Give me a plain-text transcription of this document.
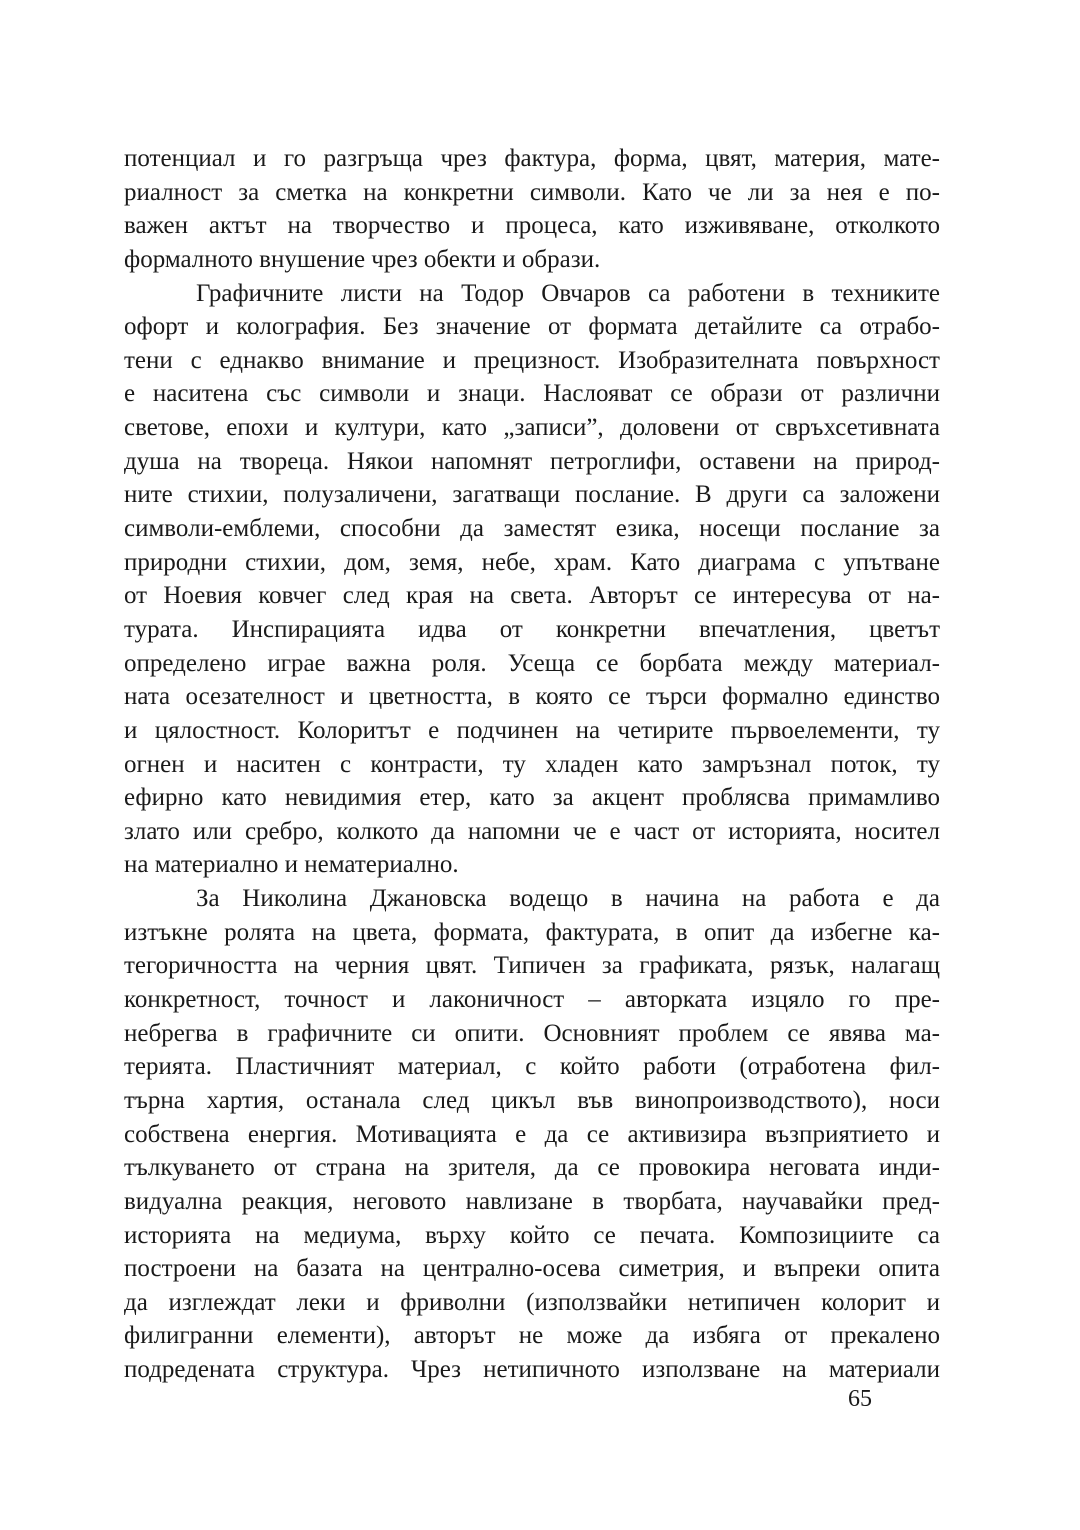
потенциал и го разгръща чрез фактура, форма, цвят, материя, мате-
риалност за сметка на конкретни символи. Като че ли за нея е по-
важен актът на творчество и процеса, като изживяване, отколкото
формалното внушение чрез обекти и образи.
Графичните листи на Тодор Овчаров са работени в техниките
офорт и колография. Без значение от формата детайлите са отрабо-
тени с еднакво внимание и прецизност. Изобразителната повърхност
е наситена със символи и знаци. Наслояват се образи от различни
светове, епохи и култури, като „записи”, доловени от свръхсетивната
душа на твореца. Някои напомнят петроглифи, оставени на природ-
ните стихии, полузаличени, загатващи послание. В други са заложени
символи-емблеми, способни да заместят езика, носещи послание за
природни стихии, дом, земя, небе, храм. Като диаграма с упътване
от Ноевия ковчег след края на света. Авторът се интересува от на-
турата. Инспирацията идва от конкретни впечатления, цветът
определено играе важна роля. Усеща се борбата между материал-
ната осезателност и цветността, в която се търси формално единство
и цялостност. Колоритът е подчинен на четирите първоелементи, ту
огнен и наситен с контрасти, ту хладен като замръзнал поток, ту
ефирно като невидимия етер, като за акцент проблясва примамливо
злато или сребро, колкото да напомни че е част от историята, носител
на материално и нематериално.
За Николина Джановска водещо в начина на работа е да
изтъкне ролята на цвета, формата, фактурата, в опит да избегне ка-
тегоричността на черния цвят. Типичен за графиката, рязък, налагащ
конкретност, точност и лаконичност – авторката изцяло го пре-
небрегва в графичните си опити. Основният проблем се явява ма-
терията. Пластичният материал, с който работи (отработена фил-
търна хартия, останала след цикъл във винопроизводството), носи
собствена енергия. Мотивацията е да се активизира възприятието и
тълкуването от страна на зрителя, да се провокира неговата инди-
видуална реакция, неговото навлизане в творбата, научавайки пред-
историята на медиума, върху който се печата. Композициите са
построени на базата на централно-осева симетрия, и въпреки опита
да изглеждат леки и фриволни (използвайки нетипичен колорит и
филигранни елементи), авторът не може да избяга от прекалено
подредената структура. Чрез нетипичното използване на материали
65
